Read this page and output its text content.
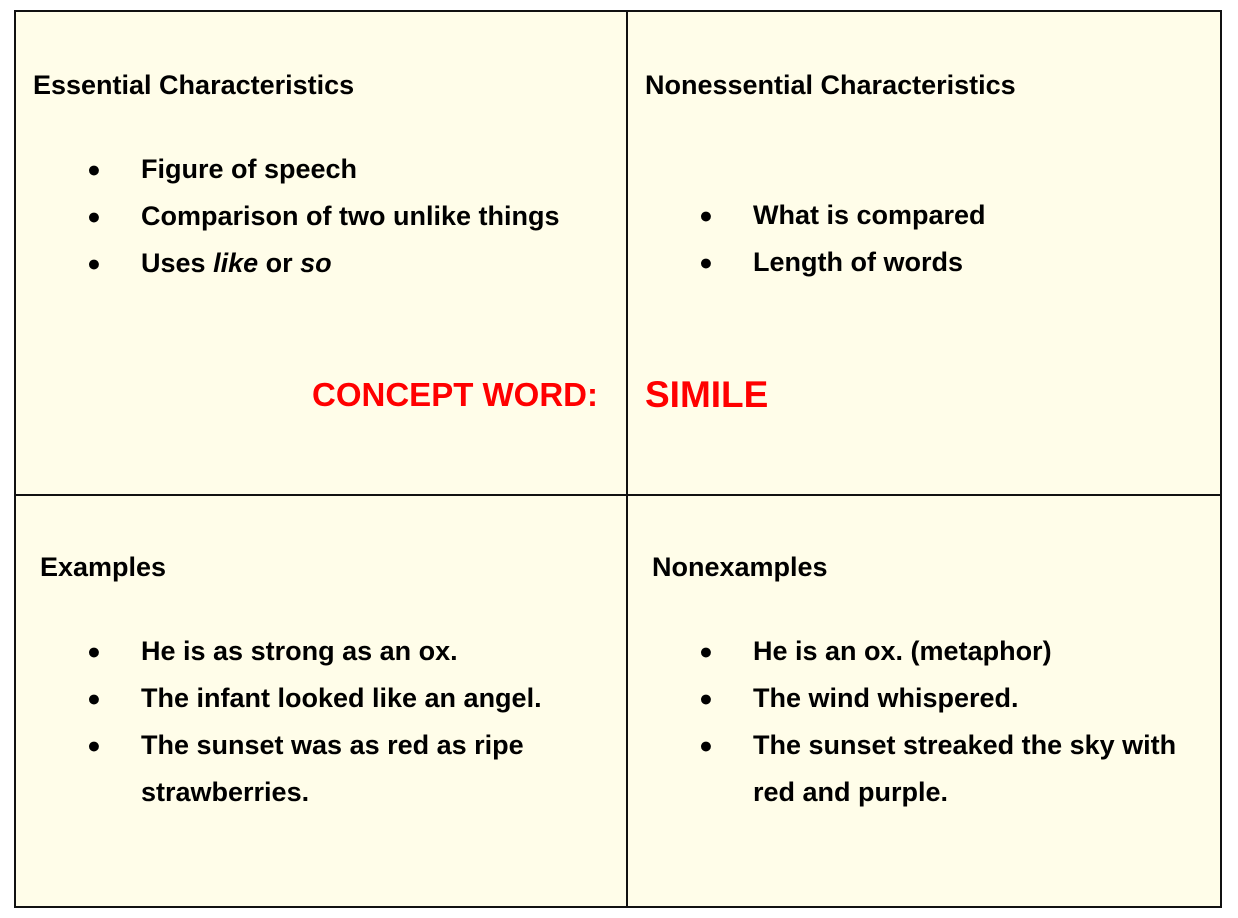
Essential Characteristics
● Figure of speech
● Comparison of two unlike things
● Uses like or so
CONCEPT WORD: SIMILE
Nonessential Characteristics
● What is compared
● Length of words
Examples
● He is as strong as an ox.
● The infant looked like an angel.
● The sunset was as red as ripe strawberries.
Nonexamples
● He is an ox. (metaphor)
● The wind whispered.
● The sunset streaked the sky with red and purple.
